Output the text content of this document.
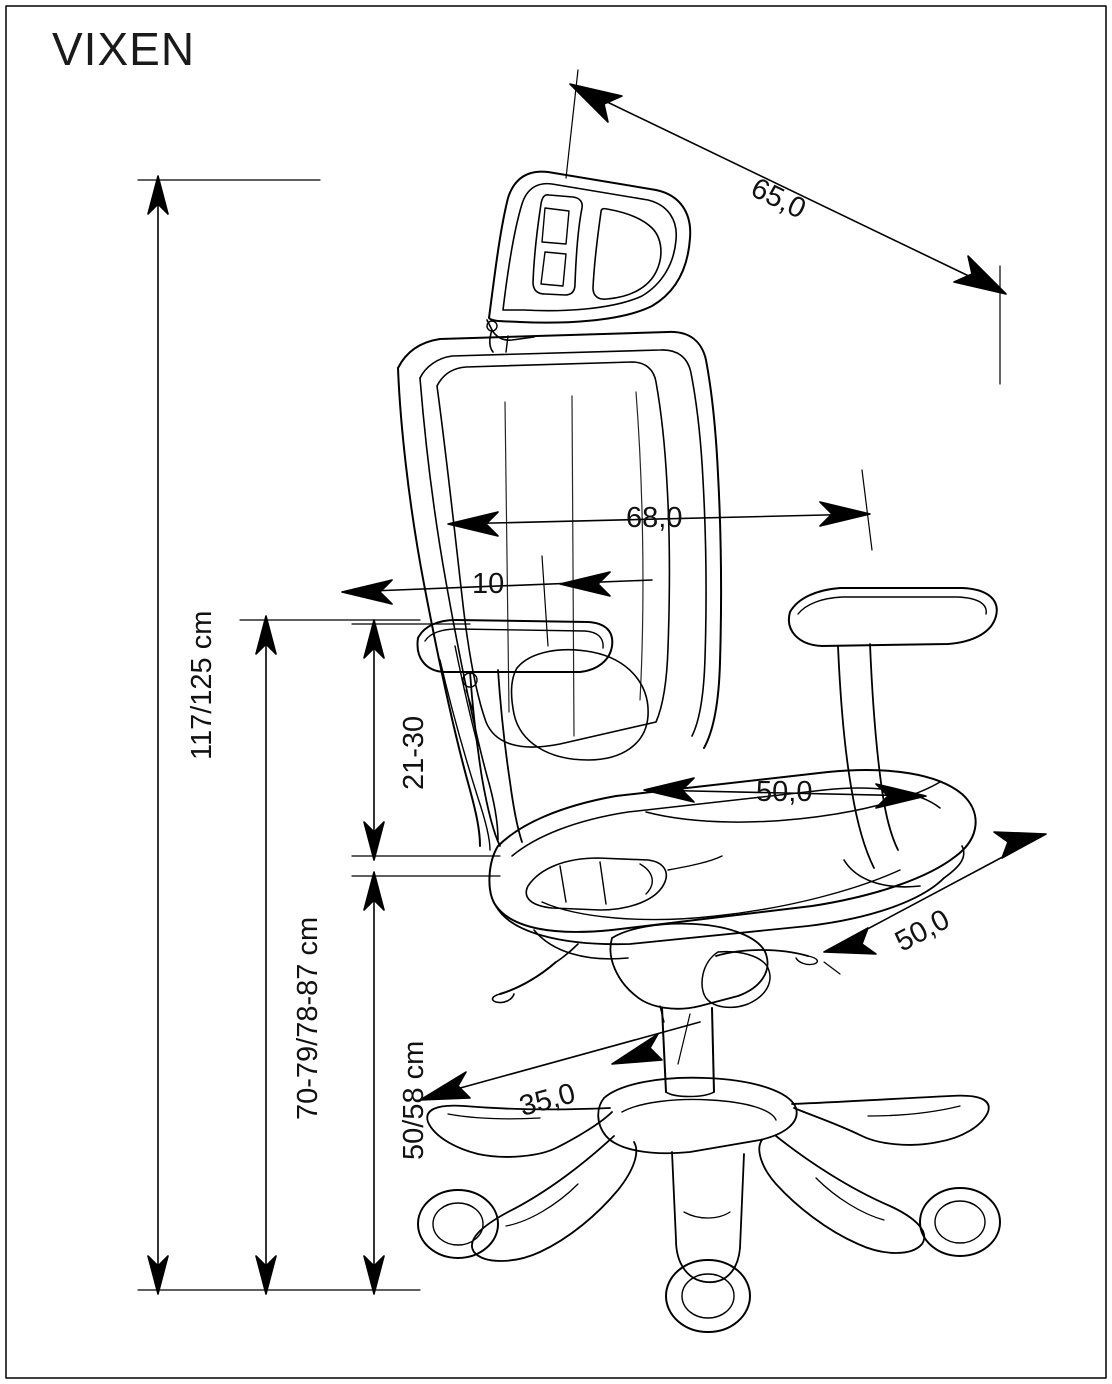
VIXEN
117/125 cm
70-79/78-87 cm	50/58 cm
21-30
65,0
68,0
10
50,0
50,0
35,0
